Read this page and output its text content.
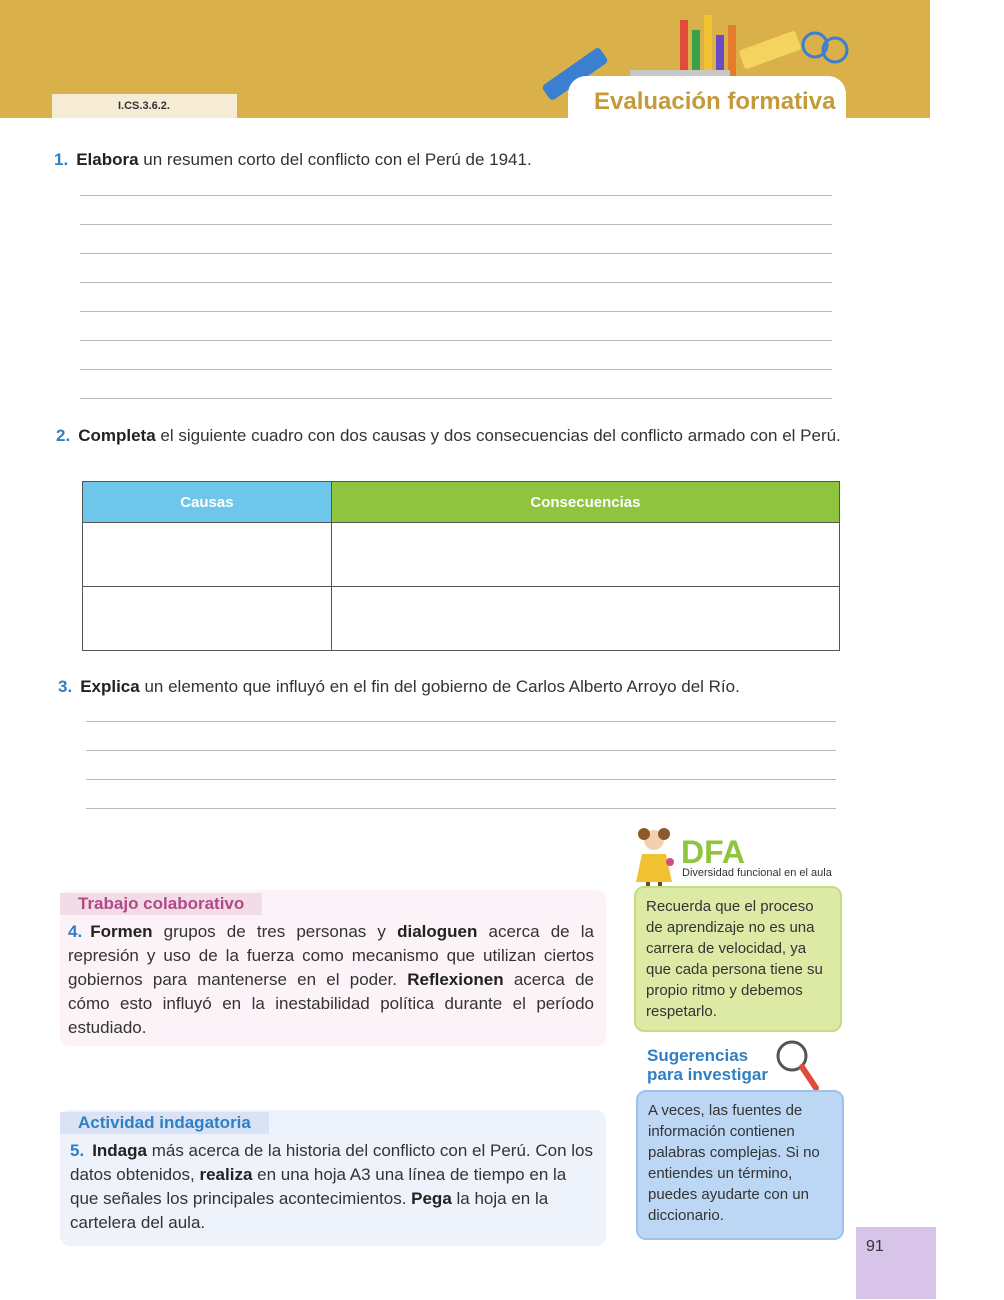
I.CS.3.6.2.	Evaluación formativa
1. Elabora un resumen corto del conflicto con el Perú de 1941.
2. Completa el siguiente cuadro con dos causas y dos consecuencias del conflicto armado con el Perú.
Causas	Consecuencias

3. Explica un elemento que influyó en el fin del gobierno de Carlos Alberto Arroyo del Río.
Trabajo colaborativo
4. Formen grupos de tres personas y dialoguen acerca de la represión y uso de la fuerza como mecanismo que utilizan ciertos gobiernos para mantenerse en el poder. Reflexionen acerca de cómo esto influyó en la inestabilidad política durante el período estudiado.
Actividad indagatoria
5. Indaga más acerca de la historia del conflicto con el Perú. Con los datos obtenidos, realiza en una hoja A3 una línea de tiempo en la que señales los principales acontecimientos. Pega la hoja en la cartelera del aula.
DFA
Diversidad funcional en el aula
Recuerda que el proceso de aprendizaje no es una carrera de velocidad, ya que cada persona tiene su propio ritmo y debemos respetarlo.
Sugerencias
para investigar
A veces, las fuentes de información contienen palabras complejas. Si no entiendes un término, puedes ayudarte con un diccionario.
91
